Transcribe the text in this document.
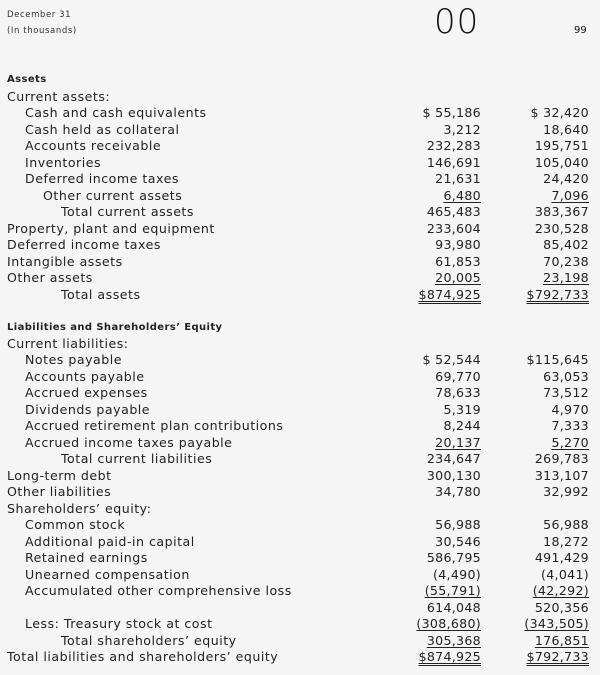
December 31
(In thousands)	00	99
Assets
Current assets:
Cash and cash equivalents	$ 55,186	$ 32,420
Cash held as collateral	3,212	18,640
Accounts receivable	232,283	195,751
Inventories	146,691	105,040
Deferred income taxes	21,631	24,420
Other current assets	6,480	7,096
Total current assets	465,483	383,367
Property, plant and equipment	233,604	230,528
Deferred income taxes	93,980	85,402
Intangible assets	61,853	70,238
Other assets	20,005	23,198
Total assets	$874,925	$792,733
Liabilities and Shareholders’ Equity
Current liabilities:
Notes payable	$ 52,544	$115,645
Accounts payable	69,770	63,053
Accrued expenses	78,633	73,512
Dividends payable	5,319	4,970
Accrued retirement plan contributions	8,244	7,333
Accrued income taxes payable	20,137	5,270
Total current liabilities	234,647	269,783
Long-term debt	300,130	313,107
Other liabilities	34,780	32,992
Shareholders’ equity:
Common stock	56,988	56,988
Additional paid-in capital	30,546	18,272
Retained earnings	586,795	491,429
Unearned compensation	(4,490)	(4,041)
Accumulated other comprehensive loss	(55,791)	(42,292)
614,048	520,356
Less: Treasury stock at cost	(308,680)	(343,505)
Total shareholders’ equity	305,368	176,851
Total liabilities and shareholders’ equity	$874,925	$792,733
